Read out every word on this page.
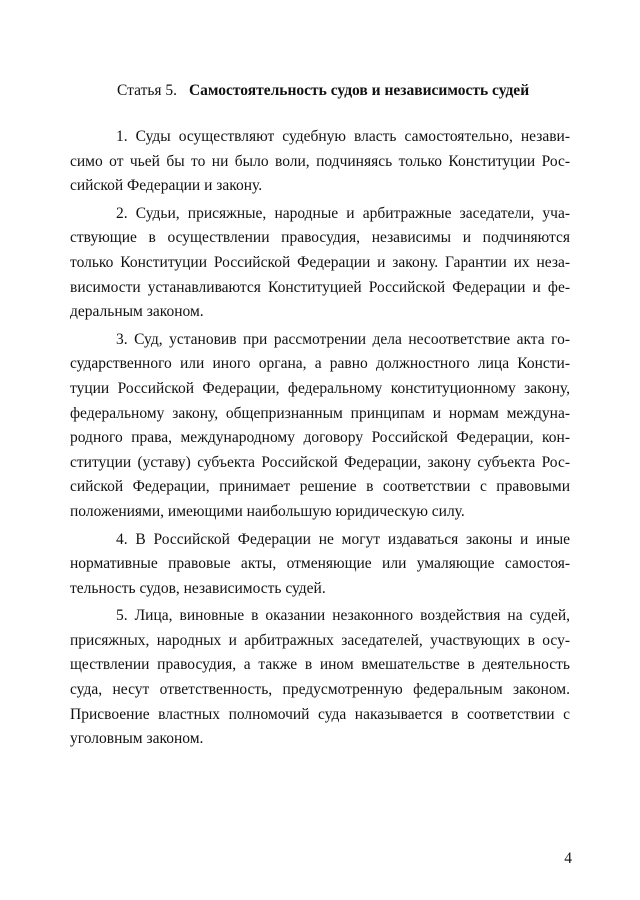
Статья 5. Самостоятельность судов и независимость судей

1. Суды осуществляют судебную власть самостоятельно, незави-
симо от чьей бы то ни было воли, подчиняясь только Конституции Рос-
сийской Федерации и закону.

2. Судьи, присяжные, народные и арбитражные заседатели, уча-
ствующие в осуществлении правосудия, независимы и подчиняются
только Конституции Российской Федерации и закону. Гарантии их неза-
висимости устанавливаются Конституцией Российской Федерации и фе-
деральным законом.

3. Суд, установив при рассмотрении дела несоответствие акта го-
сударственного или иного органа, а равно должностного лица Консти-
туции Российской Федерации, федеральному конституционному закону,
федеральному закону, общепризнанным принципам и нормам междуна-
родного права, международному договору Российской Федерации, кон-
ституции (уставу) субъекта Российской Федерации, закону субъекта Рос-
сийской Федерации, принимает решение в соответствии с правовыми
положениями, имеющими наибольшую юридическую силу.

4. В Российской Федерации не могут издаваться законы и иные
нормативные правовые акты, отменяющие или умаляющие самостоя-
тельность судов, независимость судей.

5. Лица, виновные в оказании незаконного воздействия на судей,
присяжных, народных и арбитражных заседателей, участвующих в осу-
ществлении правосудия, а также в ином вмешательстве в деятельность
суда, несут ответственность, предусмотренную федеральным законом.
Присвоение властных полномочий суда наказывается в соответствии с
уголовным законом.

4
